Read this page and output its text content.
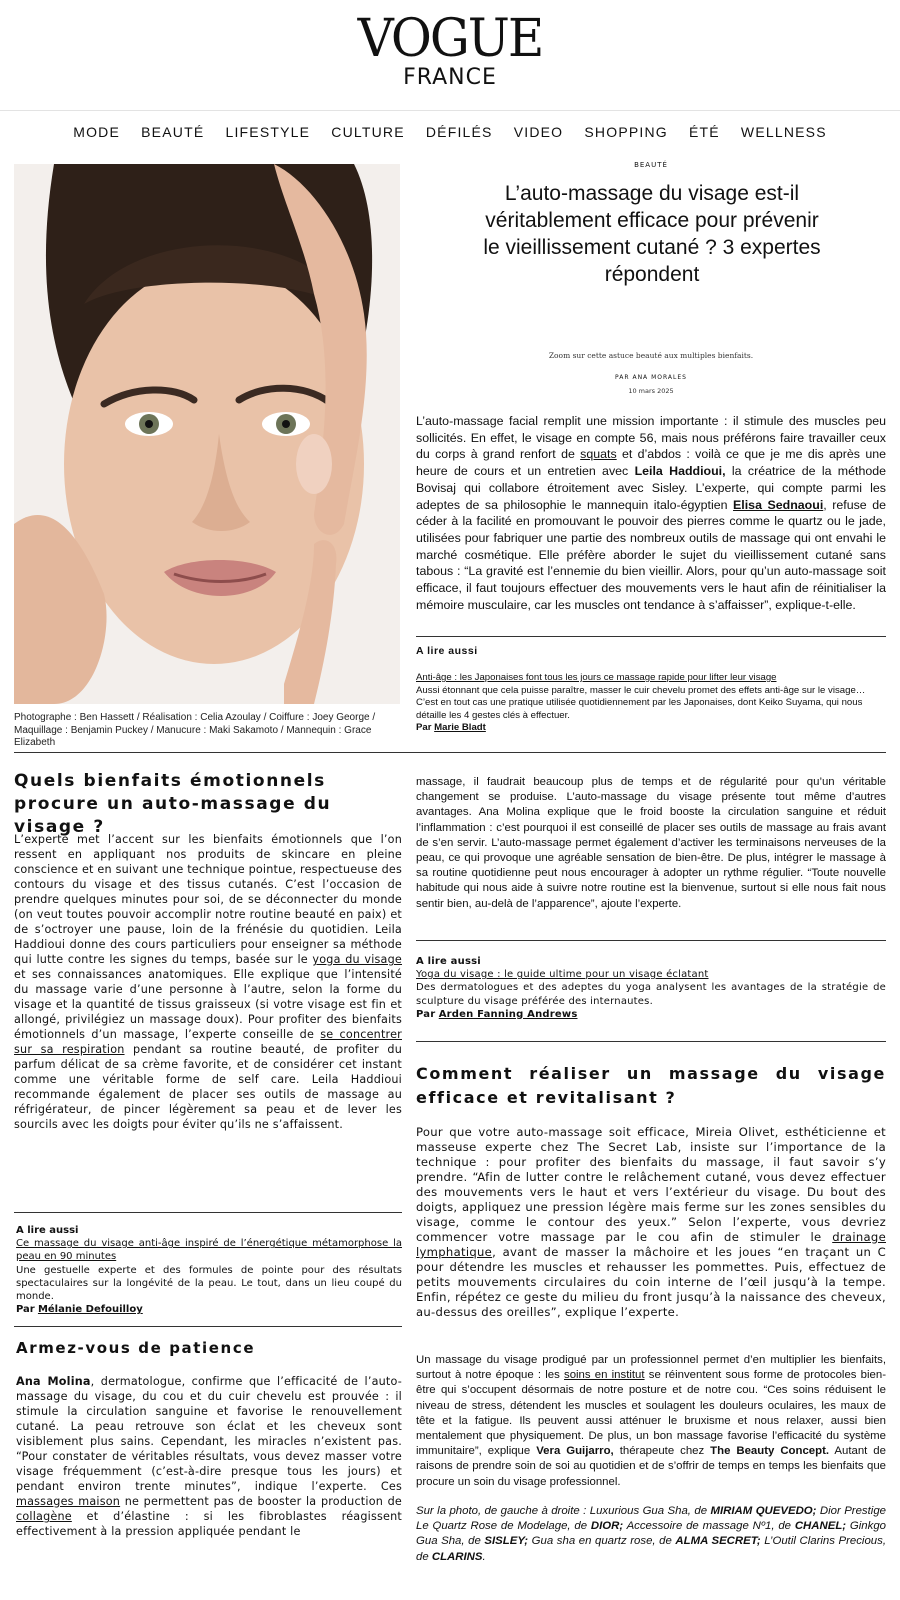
VOGUE
FRANCE
MODE BEAUTÉ LIFESTYLE CULTURE DÉFILÉS VIDEO SHOPPING ÉTÉ WELLNESS
Photographe : Ben Hassett / Réalisation : Celia Azoulay / Coiffure : Joey George / Maquillage : Benjamin Puckey / Manucure : Maki Sakamoto / Mannequin : Grace Elizabeth
BEAUTÉ
L’auto-massage du visage est-il véritablement efficace pour prévenir le vieillissement cutané ? 3 expertes répondent
Zoom sur cette astuce beauté aux multiples bienfaits.
PAR ANA MORALES
10 mars 2025
L’auto-massage facial remplit une mission importante : il stimule des muscles peu sollicités. En effet, le visage en compte 56, mais nous préférons faire travailler ceux du corps à grand renfort de squats et d’abdos : voilà ce que je me dis après une heure de cours et un entretien avec Leila Haddioui, la créatrice de la méthode Bovisaj qui collabore étroitement avec Sisley. L’experte, qui compte parmi les adeptes de sa philosophie le mannequin italo-égyptien Elisa Sednaoui, refuse de céder à la facilité en promouvant le pouvoir des pierres comme le quartz ou le jade, utilisées pour fabriquer une partie des nombreux outils de massage qui ont envahi le marché cosmétique. Elle préfère aborder le sujet du vieillissement cutané sans tabous : “La gravité est l’ennemie du bien vieillir. Alors, pour qu’un auto-massage soit efficace, il faut toujours effectuer des mouvements vers le haut afin de réinitialiser la mémoire musculaire, car les muscles ont tendance à s’affaisser”, explique-t-elle.
A lire aussi
Anti-âge : les Japonaises font tous les jours ce massage rapide pour lifter leur visage
Aussi étonnant que cela puisse paraître, masser le cuir chevelu promet des effets anti-âge sur le visage… C’est en tout cas une pratique utilisée quotidiennement par les Japonaises, dont Keiko Suyama, qui nous détaille les 4 gestes clés à effectuer.
Par Marie Bladt
Quels bienfaits émotionnels procure un auto-massage du visage ?
L’experte met l’accent sur les bienfaits émotionnels que l’on ressent en appliquant nos produits de skincare en pleine conscience et en suivant une technique pointue, respectueuse des contours du visage et des tissus cutanés. C’est l’occasion de prendre quelques minutes pour soi, de se déconnecter du monde (on veut toutes pouvoir accomplir notre routine beauté en paix) et de s’octroyer une pause, loin de la frénésie du quotidien. Leila Haddioui donne des cours particuliers pour enseigner sa méthode qui lutte contre les signes du temps, basée sur le yoga du visage et ses connaissances anatomiques. Elle explique que l’intensité du massage varie d’une personne à l’autre, selon la forme du visage et la quantité de tissus graisseux (si votre visage est fin et allongé, privilégiez un massage doux). Pour profiter des bienfaits émotionnels d’un massage, l’experte conseille de se concentrer sur sa respiration pendant sa routine beauté, de profiter du parfum délicat de sa crème favorite, et de considérer cet instant comme une véritable forme de self care. Leila Haddioui recommande également de placer ses outils de massage au réfrigérateur, de pincer légèrement sa peau et de lever les sourcils avec les doigts pour éviter qu’ils ne s’affaissent.
A lire aussi
Ce massage du visage anti-âge inspiré de l’énergétique métamorphose la peau en 90 minutes
Une gestuelle experte et des formules de pointe pour des résultats spectaculaires sur la longévité de la peau. Le tout, dans un lieu coupé du monde.
Par Mélanie Defouilloy
Armez-vous de patience
Ana Molina, dermatologue, confirme que l’efficacité de l’auto-massage du visage, du cou et du cuir chevelu est prouvée : il stimule la circulation sanguine et favorise le renouvellement cutané. La peau retrouve son éclat et les cheveux sont visiblement plus sains. Cependant, les miracles n’existent pas. “Pour constater de véritables résultats, vous devez masser votre visage fréquemment (c’est-à-dire presque tous les jours) et pendant environ trente minutes”, indique l’experte. Ces massages maison ne permettent pas de booster la production de collagène et d’élastine : si les fibroblastes réagissent effectivement à la pression appliquée pendant le
massage, il faudrait beaucoup plus de temps et de régularité pour qu’un véritable changement se produise. L’auto-massage du visage présente tout même d’autres avantages. Ana Molina explique que le froid booste la circulation sanguine et réduit l’inflammation : c’est pourquoi il est conseillé de placer ses outils de massage au frais avant de s’en servir. L’auto-massage permet également d’activer les terminaisons nerveuses de la peau, ce qui provoque une agréable sensation de bien-être. De plus, intégrer le massage à sa routine quotidienne peut nous encourager à adopter un rythme régulier. “Toute nouvelle habitude qui nous aide à suivre notre routine est la bienvenue, surtout si elle nous fait nous sentir bien, au-delà de l’apparence”, ajoute l’experte.
A lire aussi
Yoga du visage : le guide ultime pour un visage éclatant
Des dermatologues et des adeptes du yoga analysent les avantages de la stratégie de sculpture du visage préférée des internautes.
Par Arden Fanning Andrews
Comment réaliser un massage du visage efficace et revitalisant ?
Pour que votre auto-massage soit efficace, Mireia Olivet, esthéticienne et masseuse experte chez The Secret Lab, insiste sur l’importance de la technique : pour profiter des bienfaits du massage, il faut savoir s’y prendre. “Afin de lutter contre le relâchement cutané, vous devez effectuer des mouvements vers le haut et vers l’extérieur du visage. Du bout des doigts, appliquez une pression légère mais ferme sur les zones sensibles du visage, comme le contour des yeux.” Selon l’experte, vous devriez commencer votre massage par le cou afin de stimuler le drainage lymphatique, avant de masser la mâchoire et les joues “en traçant un C pour détendre les muscles et rehausser les pommettes. Puis, effectuez de petits mouvements circulaires du coin interne de l’œil jusqu’à la tempe. Enfin, répétez ce geste du milieu du front jusqu’à la naissance des cheveux, au-dessus des oreilles”, explique l’experte.
Un massage du visage prodigué par un professionnel permet d’en multiplier les bienfaits, surtout à notre époque : les soins en institut se réinventent sous forme de protocoles bien-être qui s’occupent désormais de notre posture et de notre cou. “Ces soins réduisent le niveau de stress, détendent les muscles et soulagent les douleurs oculaires, les maux de tête et la fatigue. Ils peuvent aussi atténuer le bruxisme et nous relaxer, aussi bien mentalement que physiquement. De plus, un bon massage favorise l’efficacité du système immunitaire”, explique Vera Guijarro, thérapeute chez The Beauty Concept. Autant de raisons de prendre soin de soi au quotidien et de s’offrir de temps en temps les bienfaits que procure un soin du visage professionnel.
Sur la photo, de gauche à droite : Luxurious Gua Sha, de MIRIAM QUEVEDO; Dior Prestige Le Quartz Rose de Modelage, de DIOR; Accessoire de massage Nº1, de CHANEL; Ginkgo Gua Sha, de SISLEY; Gua sha en quartz rose, de ALMA SECRET; L’Outil Clarins Precious, de CLARINS.
